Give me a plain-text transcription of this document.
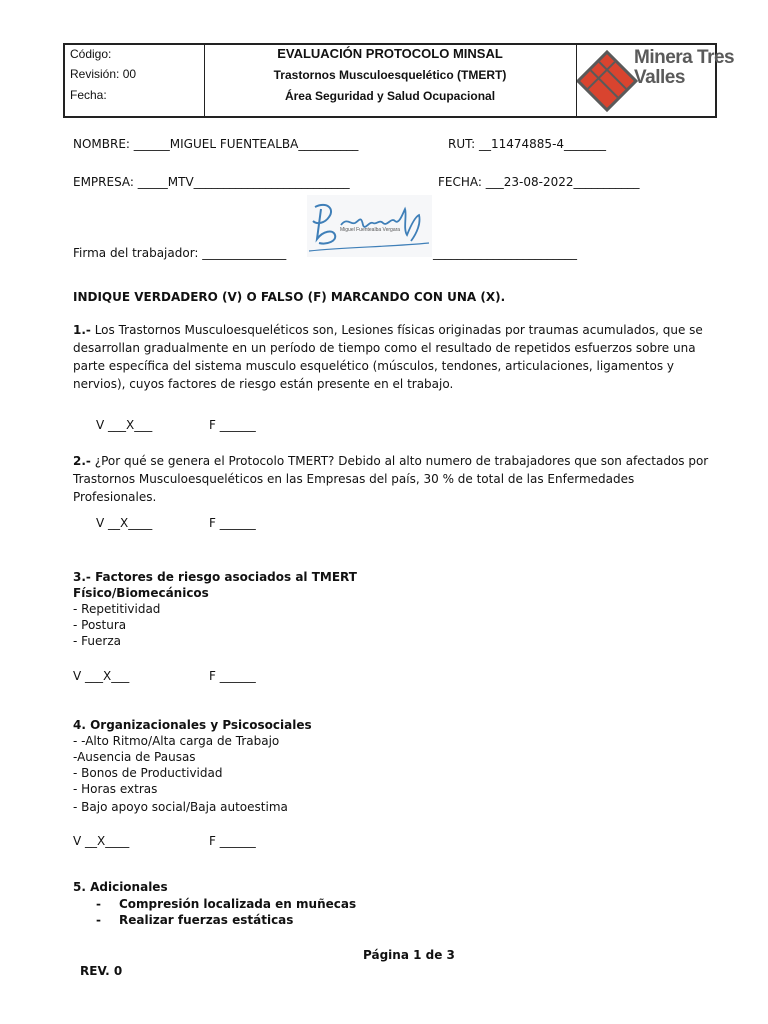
Código:
Revisión: 00
Fecha:
EVALUACIÓN PROTOCOLO MINSAL
Trastornos Musculoesquelético (TMERT)
Área Seguridad y Salud Ocupacional
Minera Tres
Valles
NOMBRE: ______MIGUEL FUENTEALBA__________	RUT: __11474885-4_______
EMPRESA: _____MTV__________________________	FECHA: ___23-08-2022___________
Miguel Fuentealba Vergara
Firma del trabajador: ______________	________________________
INDIQUE VERDADERO (V) O FALSO (F) MARCANDO CON UNA (X).
1.- Los Trastornos Musculoesqueléticos son, Lesiones físicas originadas por traumas acumulados, que se desarrollan gradualmente en un período de tiempo como el resultado de repetidos esfuerzos sobre una parte específica del sistema musculo esquelético (músculos, tendones, articulaciones, ligamentos y nervios), cuyos factores de riesgo están presente en el trabajo.
V ___X___	F ______
2.- ¿Por qué se genera el Protocolo TMERT? Debido al alto numero de trabajadores que son afectados por Trastornos Musculoesqueléticos en las Empresas del país, 30 % de total de las Enfermedades Profesionales.
V __X____	F ______
3.- Factores de riesgo asociados al TMERT
Físico/Biomecánicos
- Repetitividad
- Postura
- Fuerza
V ___X___	F ______
4. Organizacionales y Psicosociales
- -Alto Ritmo/Alta carga de Trabajo
-Ausencia de Pausas
- Bonos de Productividad
- Horas extras
- Bajo apoyo social/Baja autoestima
V __X____	F ______
5. Adicionales
- Compresión localizada en muñecas
- Realizar fuerzas estáticas
Página 1 de 3
REV. 0
